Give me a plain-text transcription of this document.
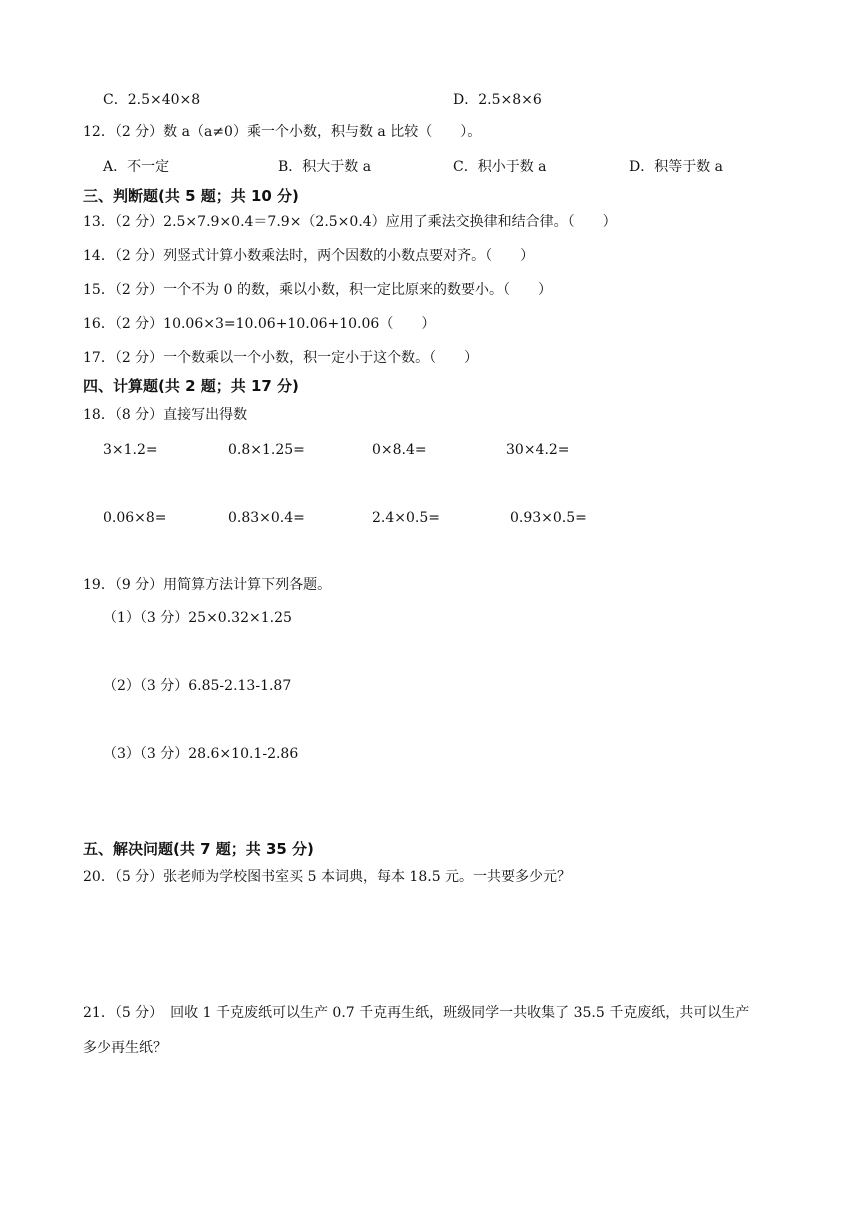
C．2.5×40×8	D．2.5×8×6
12．（2 分）数 a（a≠0）乘一个小数，积与数 a 比较（　　）。
A．不一定	B．积大于数 a	C．积小于数 a	D．积等于数 a
三、判断题(共 5 题；共 10 分)
13．（2 分）2.5×7.9×0.4＝7.9×（2.5×0.4）应用了乘法交换律和结合律。（　　）
14．（2 分）列竖式计算小数乘法时，两个因数的小数点要对齐。（　　）
15．（2 分）一个不为 0 的数，乘以小数，积一定比原来的数要小。（　　）
16．（2 分）10.06×3=10.06+10.06+10.06（　　）
17．（2 分）一个数乘以一个小数，积一定小于这个数。（　　）
四、计算题(共 2 题；共 17 分)
18．（8 分）直接写出得数
3×1.2=	0.8×1.25=	0×8.4=	30×4.2=
0.06×8=	0.83×0.4=	2.4×0.5=	0.93×0.5=
19．（9 分）用简算方法计算下列各题。
（1）（3 分）25×0.32×1.25
（2）（3 分）6.85-2.13-1.87
（3）（3 分）28.6×10.1-2.86
五、解决问题(共 7 题；共 35 分)
20．（5 分）张老师为学校图书室买 5 本词典，每本 18.5 元。一共要多少元？
21．（5 分）　回收 1 千克废纸可以生产 0.7 千克再生纸，班级同学一共收集了 35.5 千克废纸，共可以生产
多少再生纸？
